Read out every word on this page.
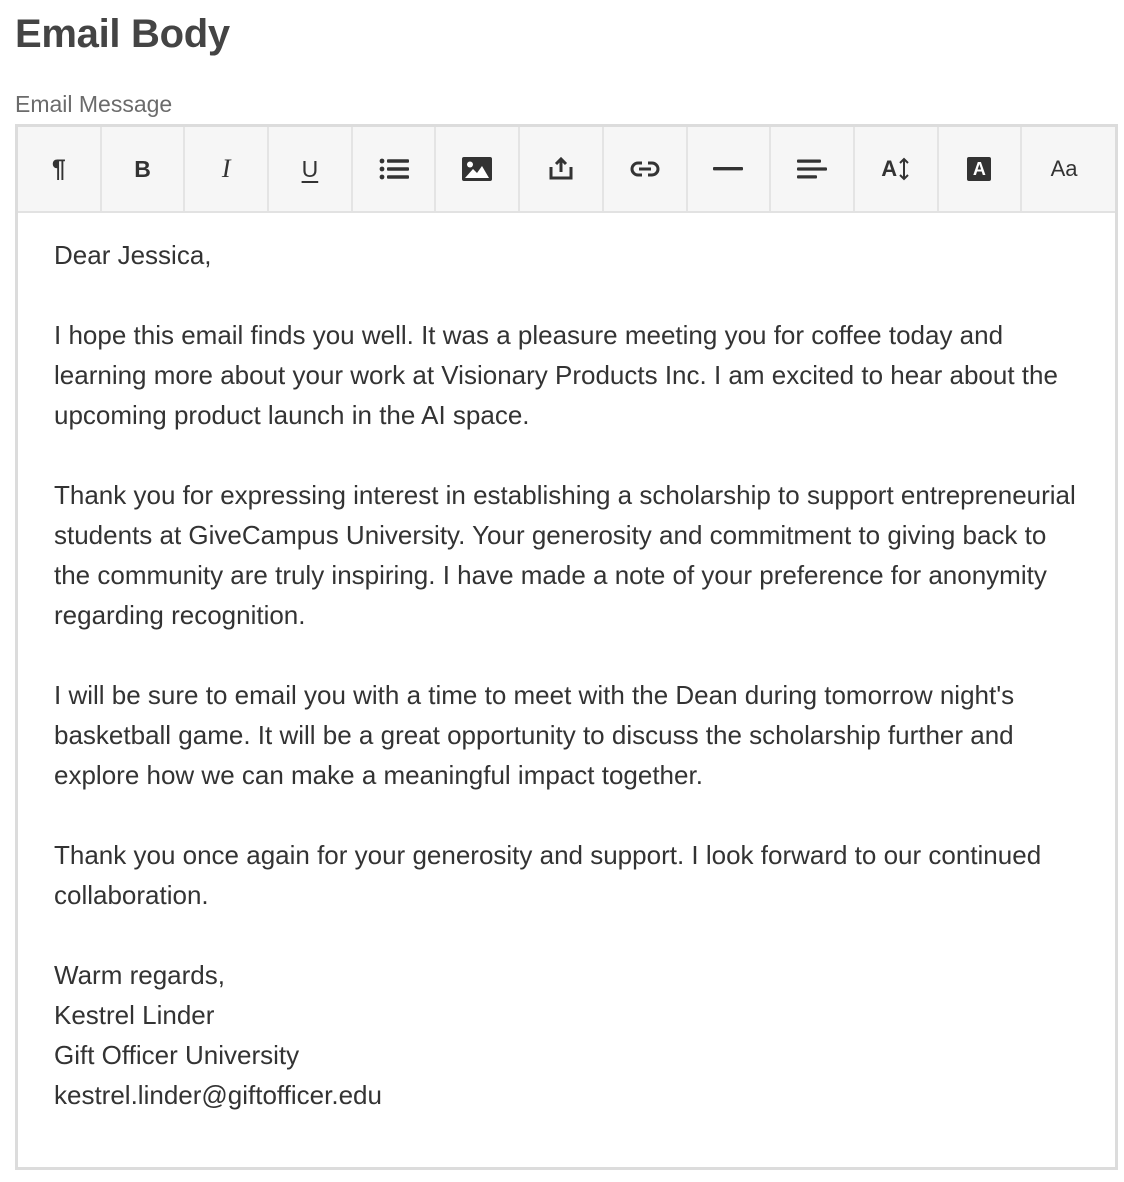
Email Body
Email Message
¶	B	I	U	A	A	Aa

Dear Jessica,

I hope this email finds you well. It was a pleasure meeting you for coffee today and learning more about your work at Visionary Products Inc. I am excited to hear about the upcoming product launch in the AI space.

Thank you for expressing interest in establishing a scholarship to support entrepreneurial students at GiveCampus University. Your generosity and commitment to giving back to the community are truly inspiring. I have made a note of your preference for anonymity regarding recognition.

I will be sure to email you with a time to meet with the Dean during tomorrow night's basketball game. It will be a great opportunity to discuss the scholarship further and explore how we can make a meaningful impact together.

Thank you once again for your generosity and support. I look forward to our continued collaboration.

Warm regards,
Kestrel Linder
Gift Officer University
kestrel.linder@giftofficer.edu
